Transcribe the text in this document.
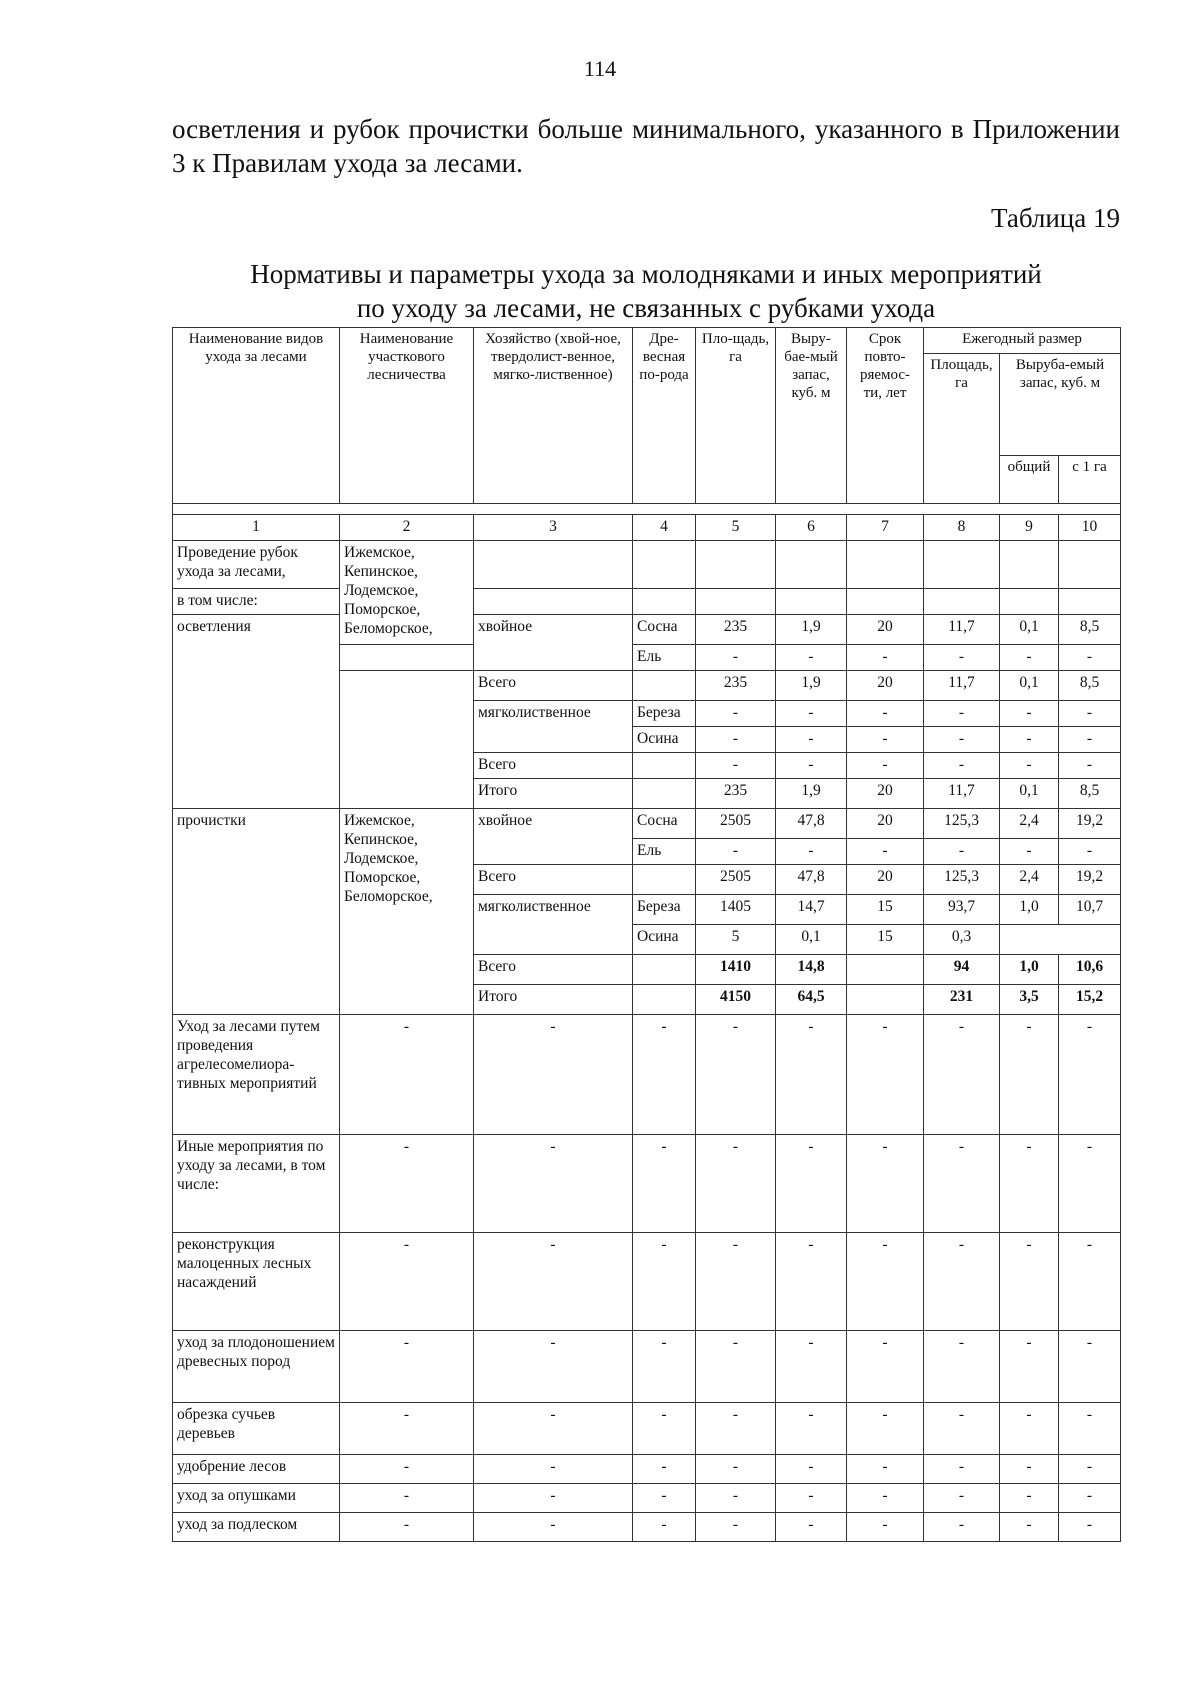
114
осветления и рубок прочистки больше минимального, указанного в Приложении 3 к Правилам ухода за лесами.
Таблица 19
Нормативы и параметры ухода за молодняками и иных мероприятий
по уходу за лесами, не связанных с рубками ухода
Наименование видов ухода за лесами	Наименование участкового лесничества	Хозяйство (хвой-ное, твердолист-венное, мягко-лиственное)	Дре-весная по-рода	Пло-щадь, га	Выру-бае-мый запас, куб. м	Срок повто-ряемос-ти, лет	Ежегодный размер		
							Площадь, га	Выруба-емый запас, куб. м	
								общий	с 1 га

1	2	3	4	5	6	7	8	9	10
Проведение рубок ухода за лесами,	Ижемское, Кепинское, Лодемское, Поморское, Беломорское,								
в том числе:									
осветления		хвойное	Сосна	235	1,9	20	11,7	0,1	8,5
			Ель	-	-	-	-	-	-
		Всего		235	1,9	20	11,7	0,1	8,5
		мягколиственное	Береза	-	-	-	-	-	-
			Осина	-	-	-	-	-	-
		Всего		-	-	-	-	-	-
		Итого		235	1,9	20	11,7	0,1	8,5
прочистки	Ижемское, Кепинское, Лодемское, Поморское, Беломорское,	хвойное	Сосна	2505	47,8	20	125,3	2,4	19,2
			Ель	-	-	-	-	-	-
		Всего		2505	47,8	20	125,3	2,4	19,2
		мягколиственное	Береза	1405	14,7	15	93,7	1,0	10,7
			Осина	5	0,1	15	0,3		
		Всего		1410	14,8		94	1,0	10,6
		Итого		4150	64,5		231	3,5	15,2
Уход за лесами путем проведения агрелесомелиора-тивных мероприятий	-	-	-	-	-	-	-	-	-
Иные мероприятия по уходу за лесами, в том числе:	-	-	-	-	-	-	-	-	-
реконструкция малоценных лесных насаждений	-	-	-	-	-	-	-	-	-
уход за плодоношением древесных пород	-	-	-	-	-	-	-	-	-
обрезка сучьев деревьев	-	-	-	-	-	-	-	-	-
удобрение лесов	-	-	-	-	-	-	-	-	-
уход за опушками	-	-	-	-	-	-	-	-	-
уход за подлеском	-	-	-	-	-	-	-	-	-
